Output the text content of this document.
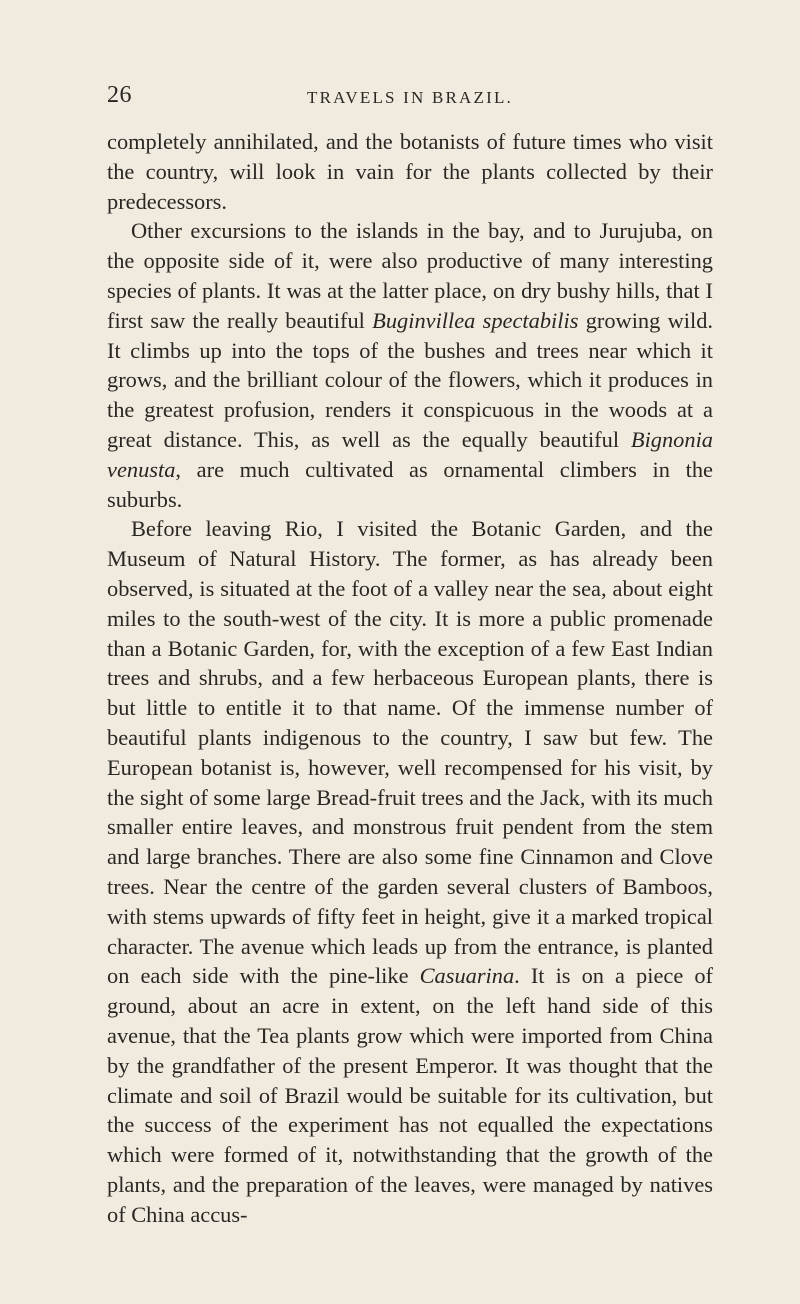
26	TRAVELS IN BRAZIL.

completely annihilated, and the botanists of future times who visit the country, will look in vain for the plants collected by their predecessors.

Other excursions to the islands in the bay, and to Jurujuba, on the opposite side of it, were also productive of many interesting species of plants. It was at the latter place, on dry bushy hills, that I first saw the really beautiful Buginvillea spectabilis growing wild. It climbs up into the tops of the bushes and trees near which it grows, and the brilliant colour of the flowers, which it produces in the greatest profusion, renders it conspicuous in the woods at a great distance. This, as well as the equally beautiful Bignonia venusta, are much cultivated as ornamental climbers in the suburbs.

Before leaving Rio, I visited the Botanic Garden, and the Museum of Natural History. The former, as has already been observed, is situated at the foot of a valley near the sea, about eight miles to the south-west of the city. It is more a public promenade than a Botanic Garden, for, with the exception of a few East Indian trees and shrubs, and a few herbaceous European plants, there is but little to entitle it to that name. Of the immense number of beautiful plants indigenous to the country, I saw but few. The European botanist is, however, well recompensed for his visit, by the sight of some large Bread-fruit trees and the Jack, with its much smaller entire leaves, and monstrous fruit pendent from the stem and large branches. There are also some fine Cinnamon and Clove trees. Near the centre of the garden several clusters of Bamboos, with stems upwards of fifty feet in height, give it a marked tropical character. The avenue which leads up from the entrance, is planted on each side with the pine-like Casuarina. It is on a piece of ground, about an acre in extent, on the left hand side of this avenue, that the Tea plants grow which were imported from China by the grandfather of the present Emperor. It was thought that the climate and soil of Brazil would be suitable for its cultivation, but the success of the experiment has not equalled the expectations which were formed of it, notwithstanding that the growth of the plants, and the preparation of the leaves, were managed by natives of China accus-
